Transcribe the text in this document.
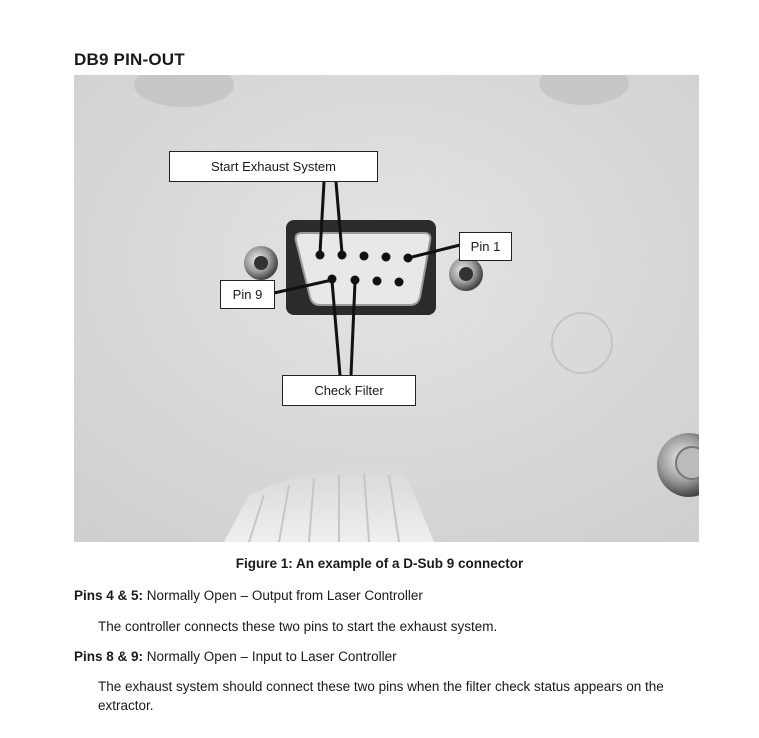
DB9 PIN-OUT
Start Exhaust System
Pin 1
Pin 9
Check Filter
Figure 1: An example of a D-Sub 9 connector
Pins 4 & 5: Normally Open – Output from Laser Controller
The controller connects these two pins to start the exhaust system.
Pins 8 & 9: Normally Open – Input to Laser Controller
The exhaust system should connect these two pins when the filter check status appears on the extractor.
